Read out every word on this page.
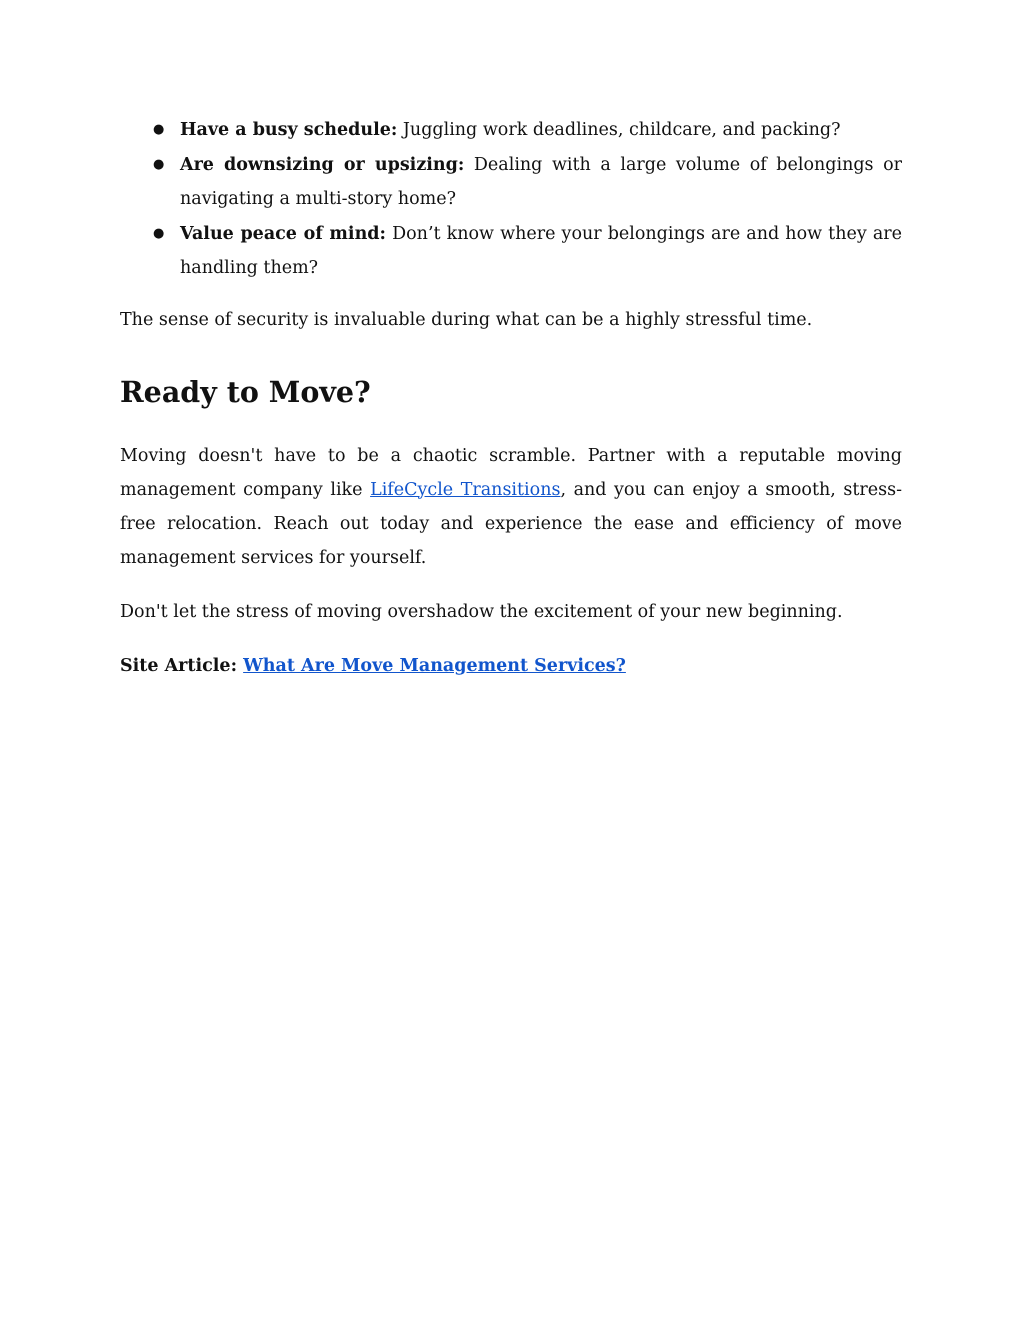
● Have a busy schedule: Juggling work deadlines, childcare, and packing?
● Are downsizing or upsizing: Dealing with a large volume of belongings or navigating a multi-story home?
● Value peace of mind: Don’t know where your belongings are and how they are handling them?

The sense of security is invaluable during what can be a highly stressful time.

Ready to Move?

Moving doesn't have to be a chaotic scramble. Partner with a reputable moving management company like LifeCycle Transitions, and you can enjoy a smooth, stress-free relocation. Reach out today and experience the ease and efficiency of move management services for yourself.

Don't let the stress of moving overshadow the excitement of your new beginning.

Site Article: What Are Move Management Services?
